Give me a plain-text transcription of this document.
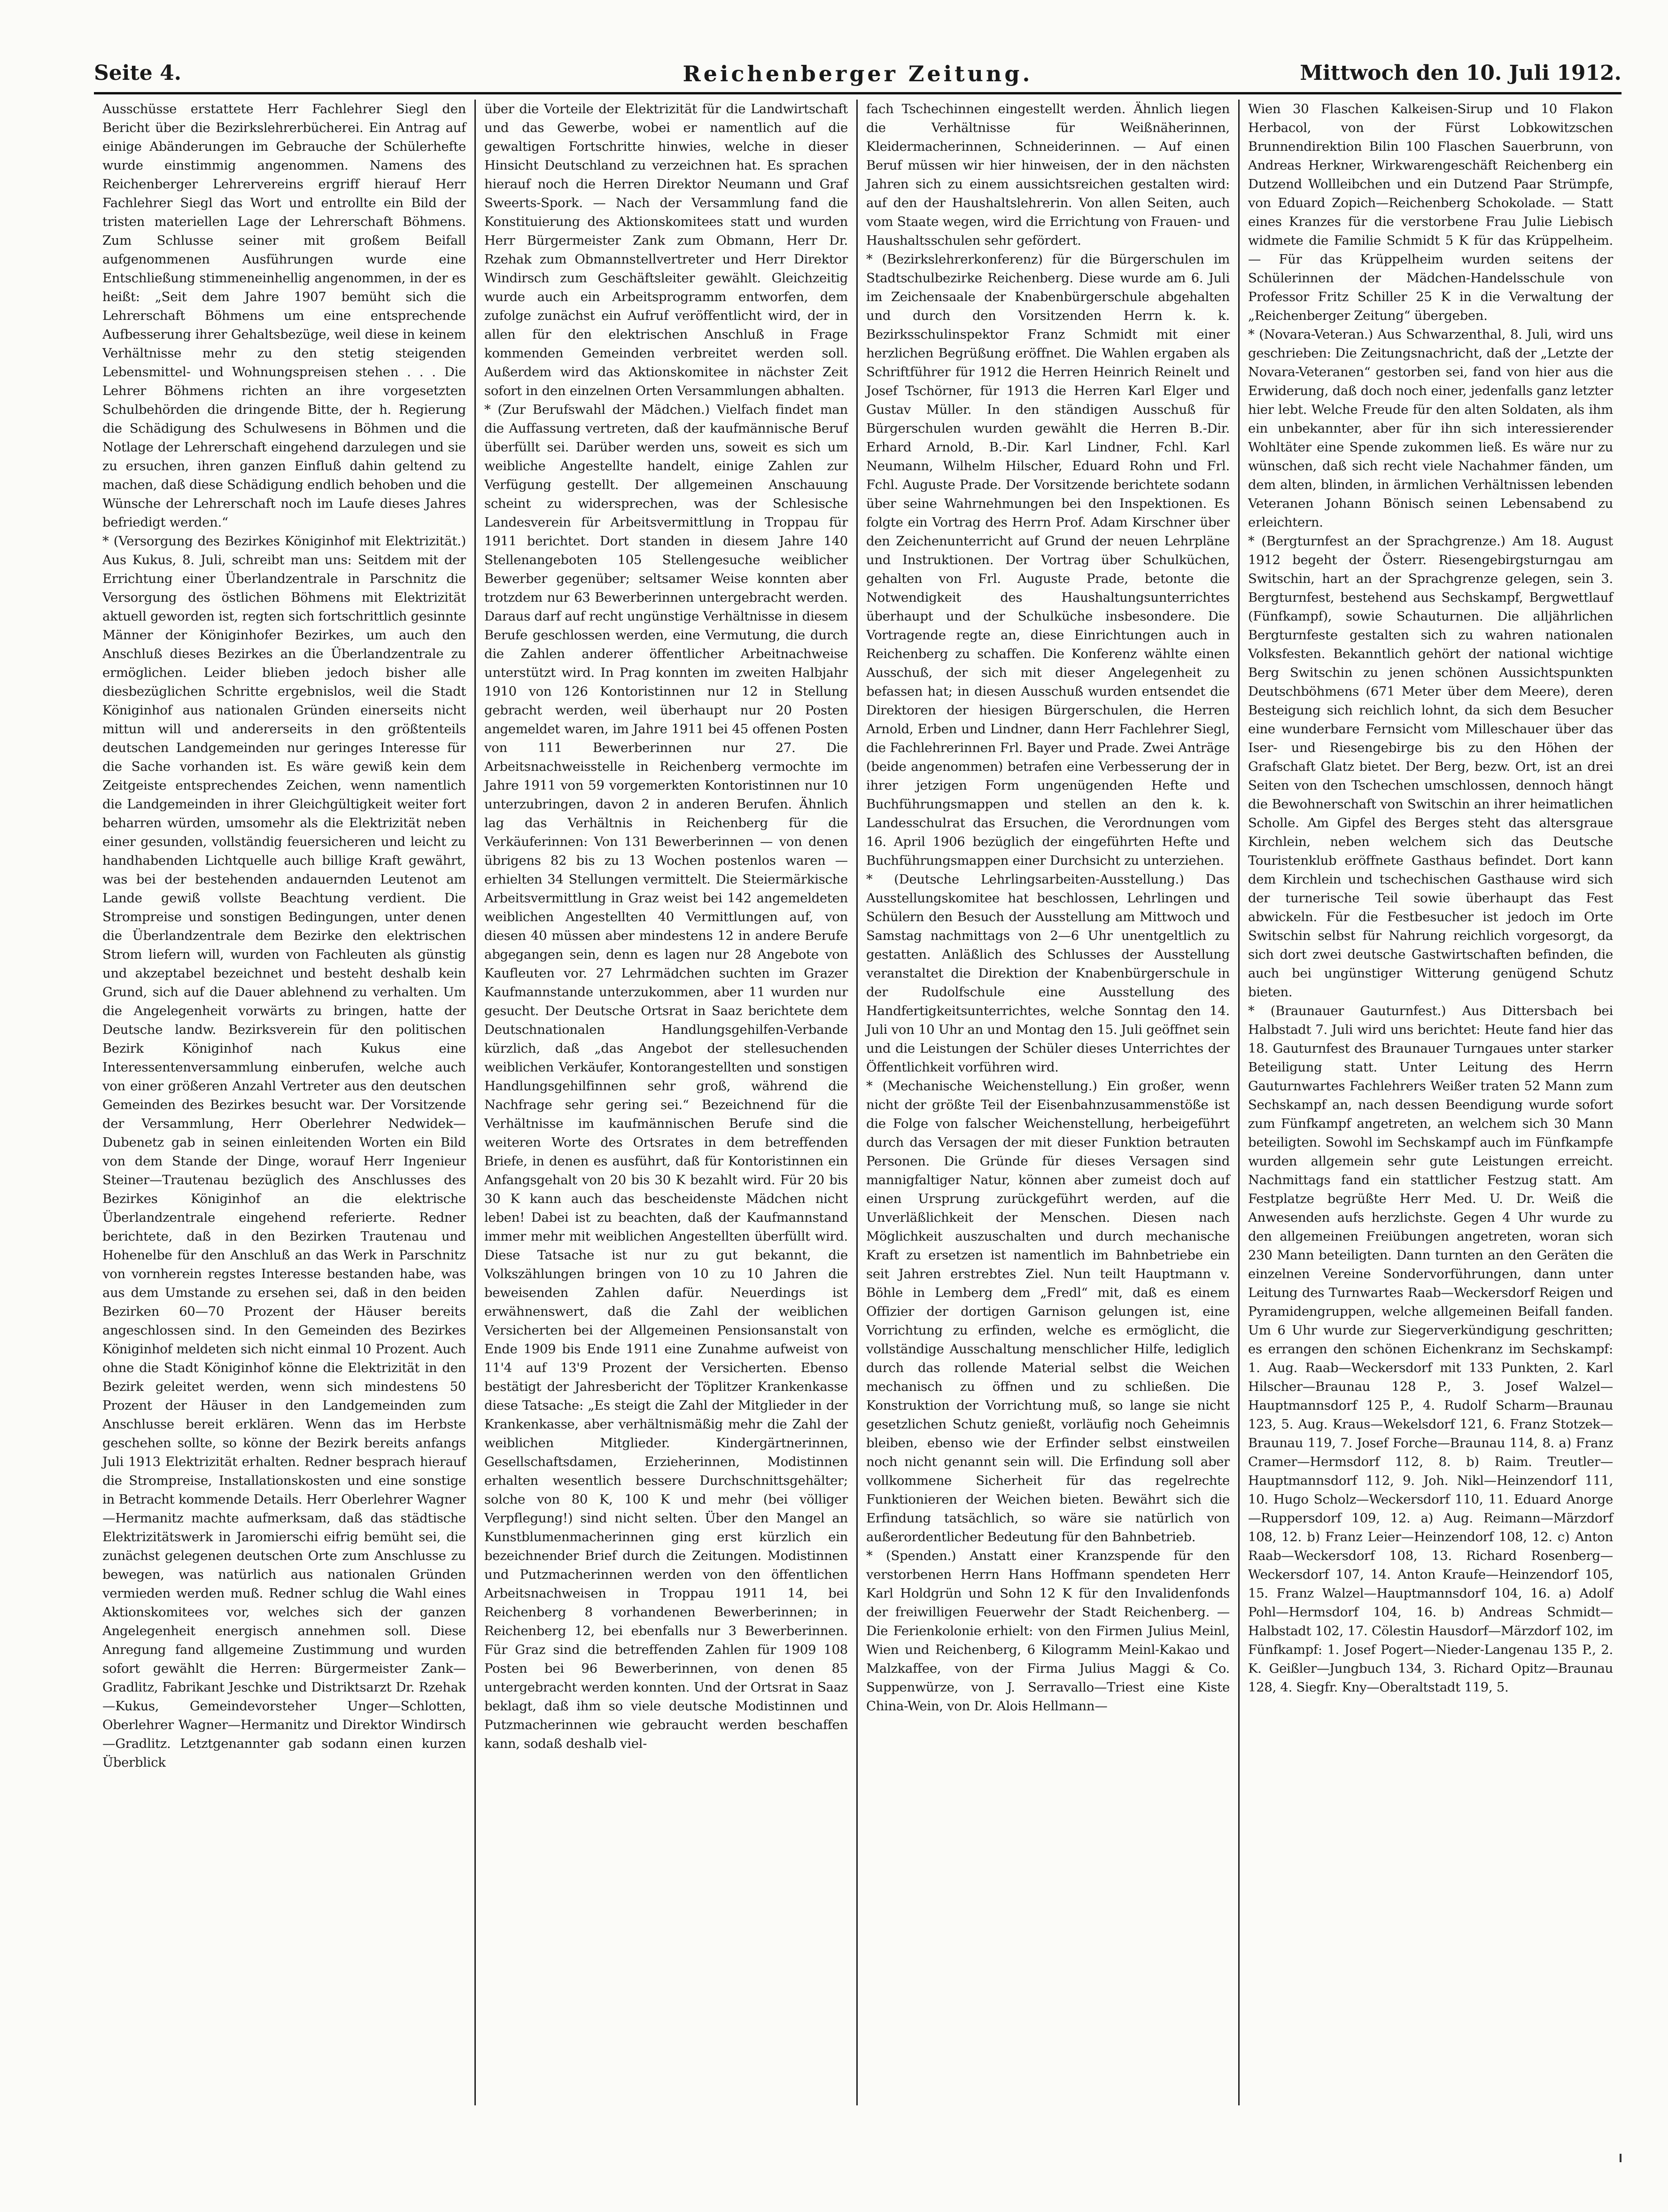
Seite 4.	Reichenberger Zeitung.	Mittwoch den 10. Juli 1912.

Ausschüsse erstattete Herr Fachlehrer Siegl den Bericht über die Bezirkslehrerbücherei. Ein Antrag auf einige Abänderungen im Gebrauche der Schülerhefte wurde einstimmig angenommen. Namens des Reichenberger Lehrervereins ergriff hierauf Herr Fachlehrer Siegl das Wort und entrollte ein Bild der tristen materiellen Lage der Lehrerschaft Böhmens. Zum Schlusse seiner mit großem Beifall aufgenommenen Ausführungen wurde eine Entschließung stimmeneinhellig angenommen, in der es heißt: „Seit dem Jahre 1907 bemüht sich die Lehrerschaft Böhmens um eine entsprechende Aufbesserung ihrer Gehaltsbezüge, weil diese in keinem Verhältnisse mehr zu den stetig steigenden Lebensmittel- und Wohnungspreisen stehen . . . Die Lehrer Böhmens richten an ihre vorgesetzten Schulbehörden die dringende Bitte, der h. Regierung die Schädigung des Schulwesens in Böhmen und die Notlage der Lehrerschaft eingehend darzulegen und sie zu ersuchen, ihren ganzen Einfluß dahin geltend zu machen, daß diese Schädigung endlich behoben und die Wünsche der Lehrerschaft noch im Laufe dieses Jahres befriedigt werden.“

* (Versorgung des Bezirkes Königinhof mit Elektrizität.) Aus Kukus, 8. Juli, schreibt man uns: Seitdem mit der Errichtung einer Überlandzentrale in Parschnitz die Versorgung des östlichen Böhmens mit Elektrizität aktuell geworden ist, regten sich fortschrittlich gesinnte Männer der Königinhofer Bezirkes, um auch den Anschluß dieses Bezirkes an die Überlandzentrale zu ermöglichen. Leider blieben jedoch bisher alle diesbezüglichen Schritte ergebnislos, weil die Stadt Königinhof aus nationalen Gründen einerseits nicht mittun will und andererseits in den größtenteils deutschen Landgemeinden nur geringes Interesse für die Sache vorhanden ist. Es wäre gewiß kein dem Zeitgeiste entsprechendes Zeichen, wenn namentlich die Landgemeinden in ihrer Gleichgültigkeit weiter fort beharren würden, umsomehr als die Elektrizität neben einer gesunden, vollständig feuersicheren und leicht zu handhabenden Lichtquelle auch billige Kraft gewährt, was bei der bestehenden andauernden Leutenot am Lande gewiß vollste Beachtung verdient. Die Strompreise und sonstigen Bedingungen, unter denen die Überlandzentrale dem Bezirke den elektrischen Strom liefern will, wurden von Fachleuten als günstig und akzeptabel bezeichnet und besteht deshalb kein Grund, sich auf die Dauer ablehnend zu verhalten. Um die Angelegenheit vorwärts zu bringen, hatte der Deutsche landw. Bezirksverein für den politischen Bezirk Königinhof nach Kukus eine Interessentenversammlung einberufen, welche auch von einer größeren Anzahl Vertreter aus den deutschen Gemeinden des Bezirkes besucht war. Der Vorsitzende der Versammlung, Herr Oberlehrer Nedwidek—Dubenetz gab in seinen einleitenden Worten ein Bild von dem Stande der Dinge, worauf Herr Ingenieur Steiner—Trautenau bezüglich des Anschlusses des Bezirkes Königinhof an die elektrische Überlandzentrale eingehend referierte. Redner berichtete, daß in den Bezirken Trautenau und Hohenelbe für den Anschluß an das Werk in Parschnitz von vornherein regstes Interesse bestanden habe, was aus dem Umstande zu ersehen sei, daß in den beiden Bezirken 60—70 Prozent der Häuser bereits angeschlossen sind. In den Gemeinden des Bezirkes Königinhof meldeten sich nicht einmal 10 Prozent. Auch ohne die Stadt Königinhof könne die Elektrizität in den Bezirk geleitet werden, wenn sich mindestens 50 Prozent der Häuser in den Landgemeinden zum Anschlusse bereit erklären. Wenn das im Herbste geschehen sollte, so könne der Bezirk bereits anfangs Juli 1913 Elektrizität erhalten. Redner besprach hierauf die Strompreise, Installationskosten und eine sonstige in Betracht kommende Details. Herr Oberlehrer Wagner—Hermanitz machte aufmerksam, daß das städtische Elektrizitätswerk in Jaromierschi eifrig bemüht sei, die zunächst gelegenen deutschen Orte zum Anschlusse zu bewegen, was natürlich aus nationalen Gründen vermieden werden muß. Redner schlug die Wahl eines Aktionskomitees vor, welches sich der ganzen Angelegenheit energisch annehmen soll. Diese Anregung fand allgemeine Zustimmung und wurden sofort gewählt die Herren: Bürgermeister Zank—Gradlitz, Fabrikant Jeschke und Distriktsarzt Dr. Rzehak—Kukus, Gemeindevorsteher Unger—Schlotten, Oberlehrer Wagner—Hermanitz und Direktor Windirsch—Gradlitz. Letztgenannter gab sodann einen kurzen Überblick

über die Vorteile der Elektrizität für die Landwirtschaft und das Gewerbe, wobei er namentlich auf die gewaltigen Fortschritte hinwies, welche in dieser Hinsicht Deutschland zu verzeichnen hat. Es sprachen hierauf noch die Herren Direktor Neumann und Graf Sweerts-Spork. — Nach der Versammlung fand die Konstituierung des Aktionskomitees statt und wurden Herr Bürgermeister Zank zum Obmann, Herr Dr. Rzehak zum Obmannstellvertreter und Herr Direktor Windirsch zum Geschäftsleiter gewählt. Gleichzeitig wurde auch ein Arbeitsprogramm entworfen, dem zufolge zunächst ein Aufruf veröffentlicht wird, der in allen für den elektrischen Anschluß in Frage kommenden Gemeinden verbreitet werden soll. Außerdem wird das Aktionskomitee in nächster Zeit sofort in den einzelnen Orten Versammlungen abhalten.

* (Zur Berufswahl der Mädchen.) Vielfach findet man die Auffassung vertreten, daß der kaufmännische Beruf überfüllt sei. Darüber werden uns, soweit es sich um weibliche Angestellte handelt, einige Zahlen zur Verfügung gestellt. Der allgemeinen Anschauung scheint zu widersprechen, was der Schlesische Landesverein für Arbeitsvermittlung in Troppau für 1911 berichtet. Dort standen in diesem Jahre 140 Stellenangeboten 105 Stellengesuche weiblicher Bewerber gegenüber; seltsamer Weise konnten aber trotzdem nur 63 Bewerberinnen untergebracht werden. Daraus darf auf recht ungünstige Verhältnisse in diesem Berufe geschlossen werden, eine Vermutung, die durch die Zahlen anderer öffentlicher Arbeitnachweise unterstützt wird. In Prag konnten im zweiten Halbjahr 1910 von 126 Kontoristinnen nur 12 in Stellung gebracht werden, weil überhaupt nur 20 Posten angemeldet waren, im Jahre 1911 bei 45 offenen Posten von 111 Bewerberinnen nur 27. Die Arbeitsnachweisstelle in Reichenberg vermochte im Jahre 1911 von 59 vorgemerkten Kontoristinnen nur 10 unterzubringen, davon 2 in anderen Berufen. Ähnlich lag das Verhältnis in Reichenberg für die Verkäuferinnen: Von 131 Bewerberinnen — von denen übrigens 82 bis zu 13 Wochen postenlos waren — erhielten 34 Stellungen vermittelt. Die Steiermärkische Arbeitsvermittlung in Graz weist bei 142 angemeldeten weiblichen Angestellten 40 Vermittlungen auf, von diesen 40 müssen aber mindestens 12 in andere Berufe abgegangen sein, denn es lagen nur 28 Angebote von Kaufleuten vor. 27 Lehrmädchen suchten im Grazer Kaufmannstande unterzukommen, aber 11 wurden nur gesucht. Der Deutsche Ortsrat in Saaz berichtete dem Deutschnationalen Handlungsgehilfen-Verbande kürzlich, daß „das Angebot der stellesuchenden weiblichen Verkäufer, Kontorangestellten und sonstigen Handlungsgehilfinnen sehr groß, während die Nachfrage sehr gering sei.“ Bezeichnend für die Verhältnisse im kaufmännischen Berufe sind die weiteren Worte des Ortsrates in dem betreffenden Briefe, in denen es ausführt, daß für Kontoristinnen ein Anfangsgehalt von 20 bis 30 K bezahlt wird. Für 20 bis 30 K kann auch das bescheidenste Mädchen nicht leben! Dabei ist zu beachten, daß der Kaufmannstand immer mehr mit weiblichen Angestellten überfüllt wird. Diese Tatsache ist nur zu gut bekannt, die Volkszählungen bringen von 10 zu 10 Jahren die beweisenden Zahlen dafür. Neuerdings ist erwähnenswert, daß die Zahl der weiblichen Versicherten bei der Allgemeinen Pensionsanstalt von Ende 1909 bis Ende 1911 eine Zunahme aufweist von 11'4 auf 13'9 Prozent der Versicherten. Ebenso bestätigt der Jahresbericht der Töplitzer Krankenkasse diese Tatsache: „Es steigt die Zahl der Mitglieder in der Krankenkasse, aber verhältnismäßig mehr die Zahl der weiblichen Mitglieder. Kindergärtnerinnen, Gesellschaftsdamen, Erzieherinnen, Modistinnen erhalten wesentlich bessere Durchschnittsgehälter; solche von 80 K, 100 K und mehr (bei völliger Verpflegung!) sind nicht selten. Über den Mangel an Kunstblumenmacherinnen ging erst kürzlich ein bezeichnender Brief durch die Zeitungen. Modistinnen und Putzmacherinnen werden von den öffentlichen Arbeitsnachweisen in Troppau 1911 14, bei Reichenberg 8 vorhandenen Bewerberinnen; in Reichenberg 12, bei ebenfalls nur 3 Bewerberinnen. Für Graz sind die betreffenden Zahlen für 1909 108 Posten bei 96 Bewerberinnen, von denen 85 untergebracht werden konnten. Und der Ortsrat in Saaz beklagt, daß ihm so viele deutsche Modistinnen und Putzmacherinnen wie gebraucht werden beschaffen kann, sodaß deshalb viel-

fach Tschechinnen eingestellt werden. Ähnlich liegen die Verhältnisse für Weißnäherinnen, Kleidermacherinnen, Schneiderinnen. — Auf einen Beruf müssen wir hier hinweisen, der in den nächsten Jahren sich zu einem aussichtsreichen gestalten wird: auf den der Haushaltslehrerin. Von allen Seiten, auch vom Staate wegen, wird die Errichtung von Frauen- und Haushaltsschulen sehr gefördert.

* (Bezirkslehrerkonferenz) für die Bürgerschulen im Stadtschulbezirke Reichenberg. Diese wurde am 6. Juli im Zeichensaale der Knabenbürgerschule abgehalten und durch den Vorsitzenden Herrn k. k. Bezirksschulinspektor Franz Schmidt mit einer herzlichen Begrüßung eröffnet. Die Wahlen ergaben als Schriftführer für 1912 die Herren Heinrich Reinelt und Josef Tschörner, für 1913 die Herren Karl Elger und Gustav Müller. In den ständigen Ausschuß für Bürgerschulen wurden gewählt die Herren B.-Dir. Erhard Arnold, B.-Dir. Karl Lindner, Fchl. Karl Neumann, Wilhelm Hilscher, Eduard Rohn und Frl. Fchl. Auguste Prade. Der Vorsitzende berichtete sodann über seine Wahrnehmungen bei den Inspektionen. Es folgte ein Vortrag des Herrn Prof. Adam Kirschner über den Zeichenunterricht auf Grund der neuen Lehrpläne und Instruktionen. Der Vortrag über Schulküchen, gehalten von Frl. Auguste Prade, betonte die Notwendigkeit des Haushaltungsunterrichtes überhaupt und der Schulküche insbesondere. Die Vortragende regte an, diese Einrichtungen auch in Reichenberg zu schaffen. Die Konferenz wählte einen Ausschuß, der sich mit dieser Angelegenheit zu befassen hat; in diesen Ausschuß wurden entsendet die Direktoren der hiesigen Bürgerschulen, die Herren Arnold, Erben und Lindner, dann Herr Fachlehrer Siegl, die Fachlehrerinnen Frl. Bayer und Prade. Zwei Anträge (beide angenommen) betrafen eine Verbesserung der in ihrer jetzigen Form ungenügenden Hefte und Buchführungsmappen und stellen an den k. k. Landesschulrat das Ersuchen, die Verordnungen vom 16. April 1906 bezüglich der eingeführten Hefte und Buchführungsmappen einer Durchsicht zu unterziehen.

* (Deutsche Lehrlingsarbeiten-Ausstellung.) Das Ausstellungskomitee hat beschlossen, Lehrlingen und Schülern den Besuch der Ausstellung am Mittwoch und Samstag nachmittags von 2—6 Uhr unentgeltlich zu gestatten. Anläßlich des Schlusses der Ausstellung veranstaltet die Direktion der Knabenbürgerschule in der Rudolfschule eine Ausstellung des Handfertigkeitsunterrichtes, welche Sonntag den 14. Juli von 10 Uhr an und Montag den 15. Juli geöffnet sein und die Leistungen der Schüler dieses Unterrichtes der Öffentlichkeit vorführen wird.

* (Mechanische Weichenstellung.) Ein großer, wenn nicht der größte Teil der Eisenbahnzusammenstöße ist die Folge von falscher Weichenstellung, herbeigeführt durch das Versagen der mit dieser Funktion betrauten Personen. Die Gründe für dieses Versagen sind mannigfaltiger Natur, können aber zumeist doch auf einen Ursprung zurückgeführt werden, auf die Unverläßlichkeit der Menschen. Diesen nach Möglichkeit auszuschalten und durch mechanische Kraft zu ersetzen ist namentlich im Bahnbetriebe ein seit Jahren erstrebtes Ziel. Nun teilt Hauptmann v. Böhle in Lemberg dem „Fredl“ mit, daß es einem Offizier der dortigen Garnison gelungen ist, eine Vorrichtung zu erfinden, welche es ermöglicht, die vollständige Ausschaltung menschlicher Hilfe, lediglich durch das rollende Material selbst die Weichen mechanisch zu öffnen und zu schließen. Die Konstruktion der Vorrichtung muß, so lange sie nicht gesetzlichen Schutz genießt, vorläufig noch Geheimnis bleiben, ebenso wie der Erfinder selbst einstweilen noch nicht genannt sein will. Die Erfindung soll aber vollkommene Sicherheit für das regelrechte Funktionieren der Weichen bieten. Bewährt sich die Erfindung tatsächlich, so wäre sie natürlich von außerordentlicher Bedeutung für den Bahnbetrieb.

* (Spenden.) Anstatt einer Kranzspende für den verstorbenen Herrn Hans Hoffmann spendeten Herr Karl Holdgrün und Sohn 12 K für den Invalidenfonds der freiwilligen Feuerwehr der Stadt Reichenberg. — Die Ferienkolonie erhielt: von den Firmen Julius Meinl, Wien und Reichenberg, 6 Kilogramm Meinl-Kakao und Malzkaffee, von der Firma Julius Maggi & Co. Suppenwürze, von J. Serravallo—Triest eine Kiste China-Wein, von Dr. Alois Hellmann—

Wien 30 Flaschen Kalkeisen-Sirup und 10 Flakon Herbacol, von der Fürst Lobkowitzschen Brunnendirektion Bilin 100 Flaschen Sauerbrunn, von Andreas Herkner, Wirkwarengeschäft Reichenberg ein Dutzend Wollleibchen und ein Dutzend Paar Strümpfe, von Eduard Zopich—Reichenberg Schokolade. — Statt eines Kranzes für die verstorbene Frau Julie Liebisch widmete die Familie Schmidt 5 K für das Krüppelheim. — Für das Krüppelheim wurden seitens der Schülerinnen der Mädchen-Handelsschule von Professor Fritz Schiller 25 K in die Verwaltung der „Reichenberger Zeitung“ übergeben.

* (Novara-Veteran.) Aus Schwarzenthal, 8. Juli, wird uns geschrieben: Die Zeitungsnachricht, daß der „Letzte der Novara-Veteranen“ gestorben sei, fand von hier aus die Erwiderung, daß doch noch einer, jedenfalls ganz letzter hier lebt. Welche Freude für den alten Soldaten, als ihm ein unbekannter, aber für ihn sich interessierender Wohltäter eine Spende zukommen ließ. Es wäre nur zu wünschen, daß sich recht viele Nachahmer fänden, um dem alten, blinden, in ärmlichen Verhältnissen lebenden Veteranen Johann Bönisch seinen Lebensabend zu erleichtern.

* (Bergturnfest an der Sprachgrenze.) Am 18. August 1912 begeht der Österr. Riesengebirgsturngau am Switschin, hart an der Sprachgrenze gelegen, sein 3. Bergturnfest, bestehend aus Sechskampf, Bergwettlauf (Fünfkampf), sowie Schauturnen. Die alljährlichen Bergturnfeste gestalten sich zu wahren nationalen Volksfesten. Bekanntlich gehört der national wichtige Berg Switschin zu jenen schönen Aussichtspunkten Deutschböhmens (671 Meter über dem Meere), deren Besteigung sich reichlich lohnt, da sich dem Besucher eine wunderbare Fernsicht vom Milleschauer über das Iser- und Riesengebirge bis zu den Höhen der Grafschaft Glatz bietet. Der Berg, bezw. Ort, ist an drei Seiten von den Tschechen umschlossen, dennoch hängt die Bewohnerschaft von Switschin an ihrer heimatlichen Scholle. Am Gipfel des Berges steht das altersgraue Kirchlein, neben welchem sich das Deutsche Touristenklub eröffnete Gasthaus befindet. Dort kann dem Kirchlein und tschechischen Gasthause wird sich der turnerische Teil sowie überhaupt das Fest abwickeln. Für die Festbesucher ist jedoch im Orte Switschin selbst für Nahrung reichlich vorgesorgt, da sich dort zwei deutsche Gastwirtschaften befinden, die auch bei ungünstiger Witterung genügend Schutz bieten.

* (Braunauer Gauturnfest.) Aus Dittersbach bei Halbstadt 7. Juli wird uns berichtet: Heute fand hier das 18. Gauturnfest des Braunauer Turngaues unter starker Beteiligung statt. Unter Leitung des Herrn Gauturnwartes Fachlehrers Weißer traten 52 Mann zum Sechskampf an, nach dessen Beendigung wurde sofort zum Fünfkampf angetreten, an welchem sich 30 Mann beteiligten. Sowohl im Sechskampf auch im Fünfkampfe wurden allgemein sehr gute Leistungen erreicht. Nachmittags fand ein stattlicher Festzug statt. Am Festplatze begrüßte Herr Med. U. Dr. Weiß die Anwesenden aufs herzlichste. Gegen 4 Uhr wurde zu den allgemeinen Freiübungen angetreten, woran sich 230 Mann beteiligten. Dann turnten an den Geräten die einzelnen Vereine Sondervorführungen, dann unter Leitung des Turnwartes Raab—Weckersdorf Reigen und Pyramidengruppen, welche allgemeinen Beifall fanden. Um 6 Uhr wurde zur Siegerverkündigung geschritten; es errangen den schönen Eichenkranz im Sechskampf: 1. Aug. Raab—Weckersdorf mit 133 Punkten, 2. Karl Hilscher—Braunau 128 P., 3. Josef Walzel—Hauptmannsdorf 125 P., 4. Rudolf Scharm—Braunau 123, 5. Aug. Kraus—Wekelsdorf 121, 6. Franz Stotzek—Braunau 119, 7. Josef Forche—Braunau 114, 8. a) Franz Cramer—Hermsdorf 112, 8. b) Raim. Treutler—Hauptmannsdorf 112, 9. Joh. Nikl—Heinzendorf 111, 10. Hugo Scholz—Weckersdorf 110, 11. Eduard Anorge—Ruppersdorf 109, 12. a) Aug. Reimann—Märzdorf 108, 12. b) Franz Leier—Heinzendorf 108, 12. c) Anton Raab—Weckersdorf 108, 13. Richard Rosenberg—Weckersdorf 107, 14. Anton Kraufe—Heinzendorf 105, 15. Franz Walzel—Hauptmannsdorf 104, 16. a) Adolf Pohl—Hermsdorf 104, 16. b) Andreas Schmidt—Halbstadt 102, 17. Cölestin Hausdorf—Märzdorf 102, im Fünfkampf: 1. Josef Pogert—Nieder-Langenau 135 P., 2. K. Geißler—Jungbuch 134, 3. Richard Opitz—Braunau 128, 4. Siegfr. Kny—Oberaltstadt 119, 5.
